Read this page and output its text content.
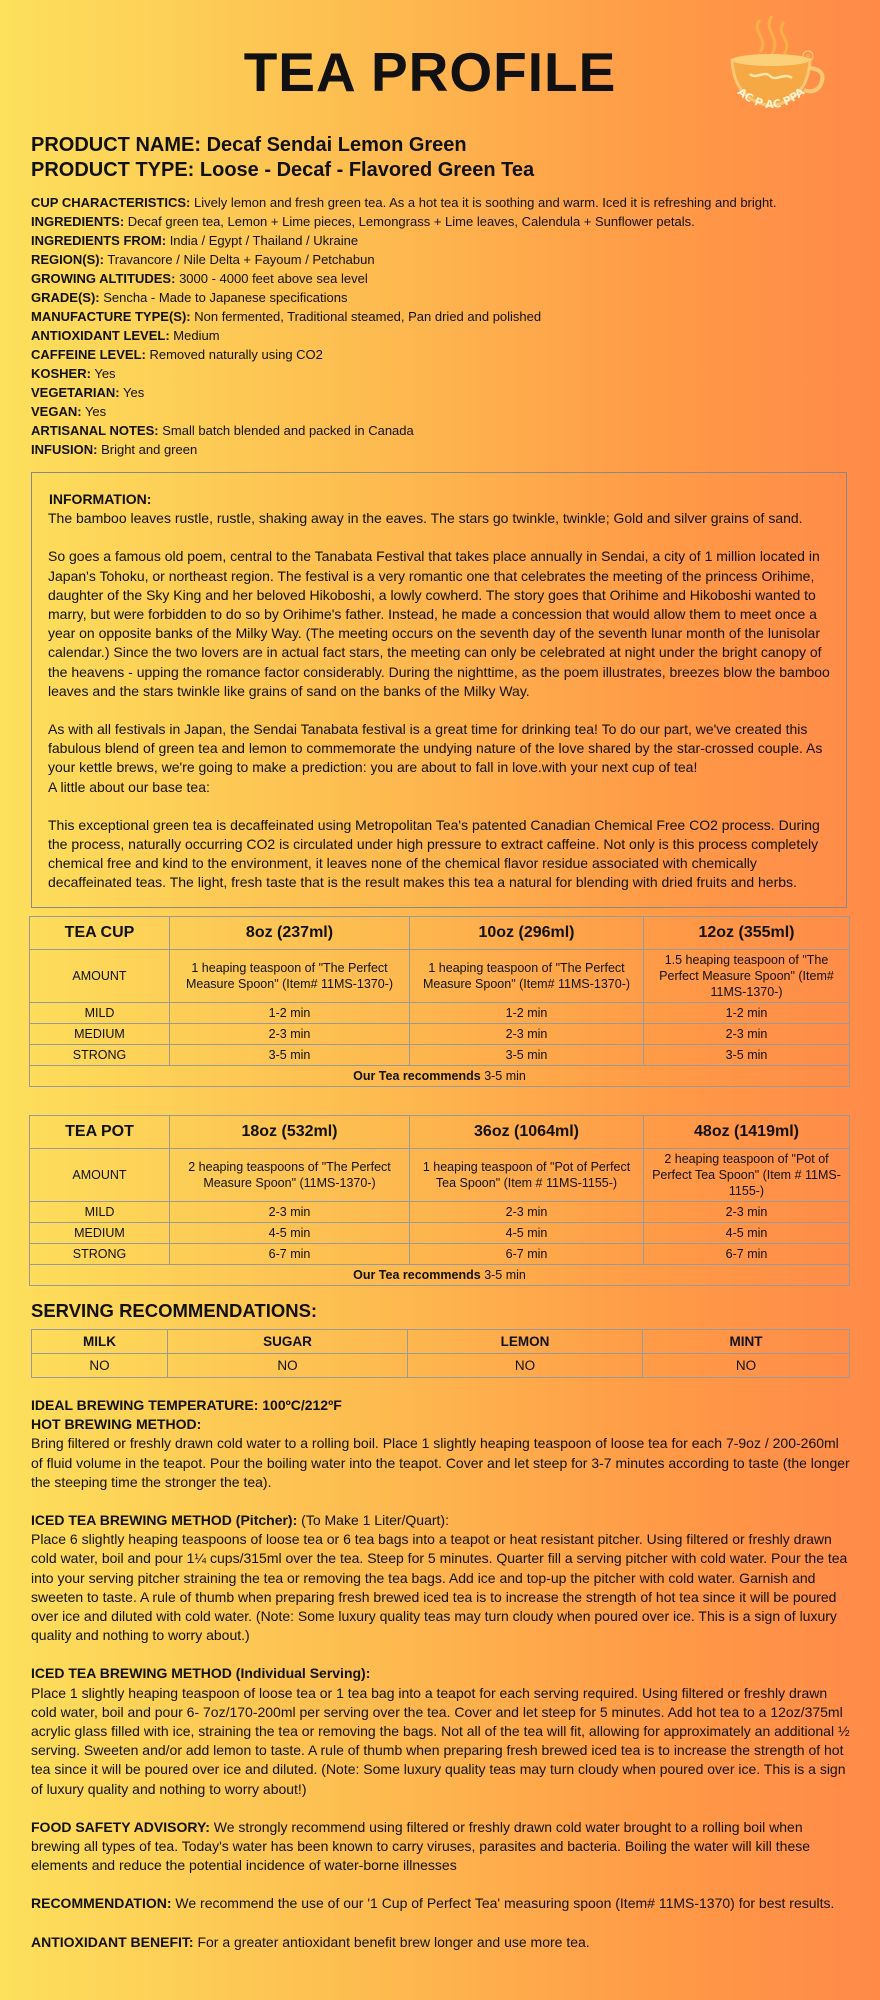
TEA PROFILE	AC P AC PPA
®
PRODUCT NAME: Decaf Sendai Lemon Green
PRODUCT TYPE: Loose - Decaf - Flavored Green Tea
CUP CHARACTERISTICS: Lively lemon and fresh green tea. As a hot tea it is soothing and warm. Iced it is refreshing and bright.
INGREDIENTS: Decaf green tea, Lemon + Lime pieces, Lemongrass + Lime leaves, Calendula + Sunflower petals.
INGREDIENTS FROM: India / Egypt / Thailand / Ukraine
REGION(S): Travancore / Nile Delta + Fayoum / Petchabun
GROWING ALTITUDES: 3000 - 4000 feet above sea level
GRADE(S): Sencha - Made to Japanese specifications
MANUFACTURE TYPE(S): Non fermented, Traditional steamed, Pan dried and polished
ANTIOXIDANT LEVEL: Medium
CAFFEINE LEVEL: Removed naturally using CO2
KOSHER: Yes
VEGETARIAN: Yes
VEGAN: Yes
ARTISANAL NOTES: Small batch blended and packed in Canada
INFUSION: Bright and green
INFORMATION:

The bamboo leaves rustle, rustle, shaking away in the eaves. The stars go twinkle, twinkle; Gold and silver grains of sand.

So goes a famous old poem, central to the Tanabata Festival that takes place annually in Sendai, a city of 1 million located in Japan's Tohoku, or northeast region. The festival is a very romantic one that celebrates the meeting of the princess Orihime, daughter of the Sky King and her beloved Hikoboshi, a lowly cowherd. The story goes that Orihime and Hikoboshi wanted to marry, but were forbidden to do so by Orihime's father. Instead, he made a concession that would allow them to meet once a year on opposite banks of the Milky Way. (The meeting occurs on the seventh day of the seventh lunar month of the lunisolar calendar.) Since the two lovers are in actual fact stars, the meeting can only be celebrated at night under the bright canopy of the heavens - upping the romance factor considerably. During the nighttime, as the poem illustrates, breezes blow the bamboo leaves and the stars twinkle like grains of sand on the banks of the Milky Way.

As with all festivals in Japan, the Sendai Tanabata festival is a great time for drinking tea! To do our part, we've created this fabulous blend of green tea and lemon to commemorate the undying nature of the love shared by the star-crossed couple. As your kettle brews, we're going to make a prediction: you are about to fall in love.with your next cup of tea!

A little about our base tea:

This exceptional green tea is decaffeinated using Metropolitan Tea's patented Canadian Chemical Free CO2 process. During the process, naturally occurring CO2 is circulated under high pressure to extract caffeine. Not only is this process completely chemical free and kind to the environment, it leaves none of the chemical flavor residue associated with chemically decaffeinated teas. The light, fresh taste that is the result makes this tea a natural for blending with dried fruits and herbs.

TEA CUP	8oz (237ml)	10oz (296ml)	12oz (355ml)
AMOUNT	1 heaping teaspoon of "The Perfect Measure Spoon" (Item# 11MS-1370-)	1 heaping teaspoon of "The Perfect Measure Spoon" (Item# 11MS-1370-)	1.5 heaping teaspoon of "The Perfect Measure Spoon" (Item# 11MS-1370-)
MILD	1-2 min	1-2 min	1-2 min
MEDIUM	2-3 min	2-3 min	2-3 min
STRONG	3-5 min	3-5 min	3-5 min
Our Tea recommends 3-5 min			
TEA POT	18oz (532ml)	36oz (1064ml)	48oz (1419ml)
AMOUNT	2 heaping teaspoons of "The Perfect Measure Spoon" (11MS-1370-)	1 heaping teaspoon of "Pot of Perfect Tea Spoon" (Item # 11MS-1155-)	2 heaping teaspoon of "Pot of Perfect Tea Spoon" (Item # 11MS-1155-)
MILD	2-3 min	2-3 min	2-3 min
MEDIUM	4-5 min	4-5 min	4-5 min
STRONG	6-7 min	6-7 min	6-7 min
Our Tea recommends 3-5 min			
SERVING RECOMMENDATIONS:
MILK	SUGAR	LEMON	MINT
NO	NO	NO	NO

IDEAL BREWING TEMPERATURE: 100ºC/212ºF

HOT BREWING METHOD:

Bring filtered or freshly drawn cold water to a rolling boil. Place 1 slightly heaping teaspoon of loose tea for each 7-9oz / 200-260ml of fluid volume in the teapot. Pour the boiling water into the teapot. Cover and let steep for 3-7 minutes according to taste (the longer the steeping time the stronger the tea).

ICED TEA BREWING METHOD (Pitcher): (To Make 1 Liter/Quart):

Place 6 slightly heaping teaspoons of loose tea or 6 tea bags into a teapot or heat resistant pitcher. Using filtered or freshly drawn cold water, boil and pour 1¼ cups/315ml over the tea. Steep for 5 minutes. Quarter fill a serving pitcher with cold water. Pour the tea into your serving pitcher straining the tea or removing the tea bags. Add ice and top-up the pitcher with cold water. Garnish and sweeten to taste. A rule of thumb when preparing fresh brewed iced tea is to increase the strength of hot tea since it will be poured over ice and diluted with cold water. (Note: Some luxury quality teas may turn cloudy when poured over ice. This is a sign of luxury quality and nothing to worry about.)

ICED TEA BREWING METHOD (Individual Serving):

Place 1 slightly heaping teaspoon of loose tea or 1 tea bag into a teapot for each serving required. Using filtered or freshly drawn cold water, boil and pour 6- 7oz/170-200ml per serving over the tea. Cover and let steep for 5 minutes. Add hot tea to a 12oz/375ml acrylic glass filled with ice, straining the tea or removing the bags. Not all of the tea will fit, allowing for approximately an additional ½ serving. Sweeten and/or add lemon to taste. A rule of thumb when preparing fresh brewed iced tea is to increase the strength of hot tea since it will be poured over ice and diluted. (Note: Some luxury quality teas may turn cloudy when poured over ice. This is a sign of luxury quality and nothing to worry about!)

FOOD SAFETY ADVISORY: We strongly recommend using filtered or freshly drawn cold water brought to a rolling boil when brewing all types of tea. Today's water has been known to carry viruses, parasites and bacteria. Boiling the water will kill these elements and reduce the potential incidence of water-borne illnesses

RECOMMENDATION: We recommend the use of our '1 Cup of Perfect Tea' measuring spoon (Item# 11MS-1370) for best results.

ANTIOXIDANT BENEFIT: For a greater antioxidant benefit brew longer and use more tea.
